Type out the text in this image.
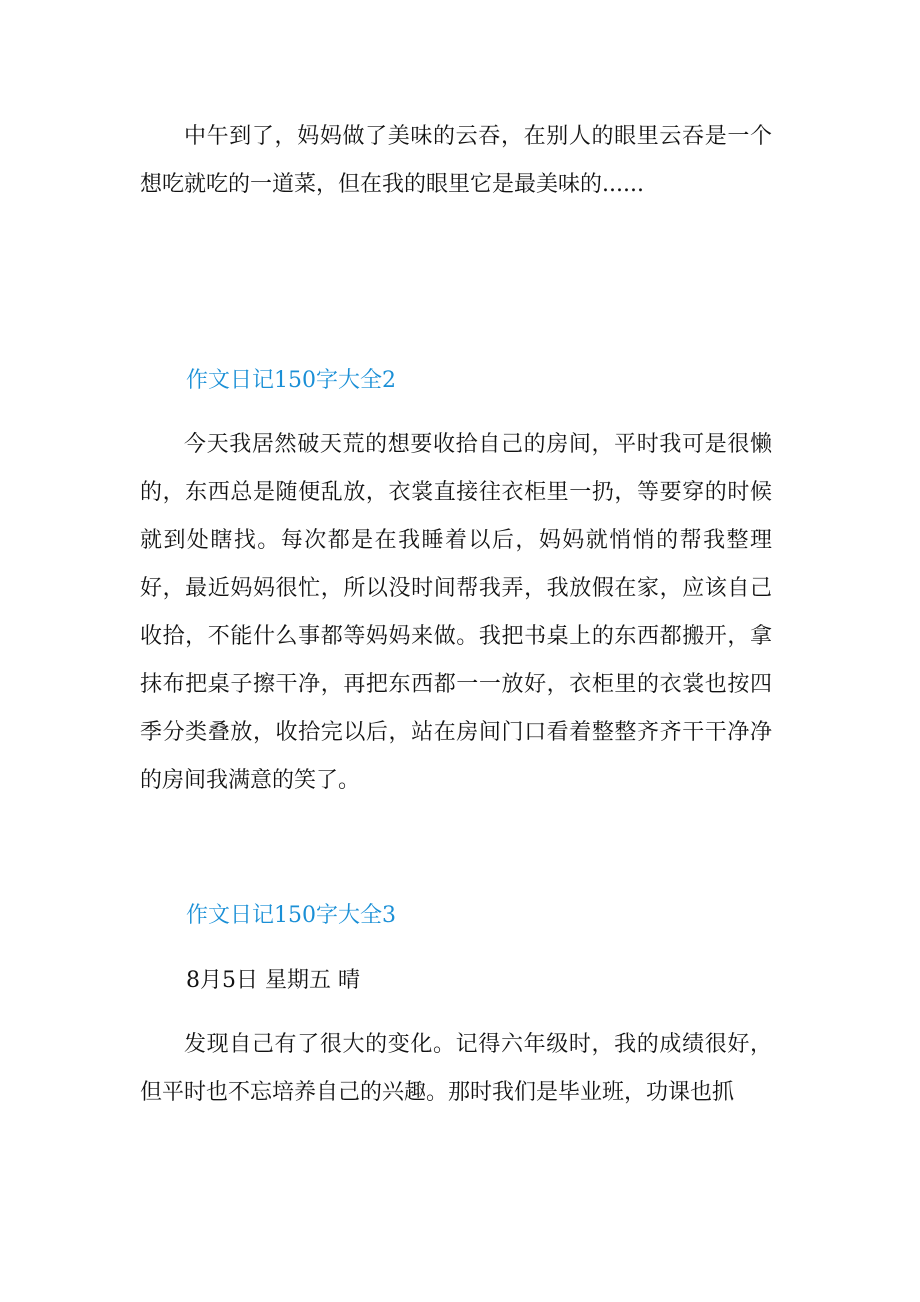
中午到了，妈妈做了美味的云吞，在别人的眼里云吞是一个想吃就吃的一道菜，但在我的眼里它是最美味的......

作文日记150字大全2

今天我居然破天荒的想要收拾自己的房间，平时我可是很懒的，东西总是随便乱放，衣裳直接往衣柜里一扔，等要穿的时候就到处瞎找。每次都是在我睡着以后，妈妈就悄悄的帮我整理好，最近妈妈很忙，所以没时间帮我弄，我放假在家，应该自己收拾，不能什么事都等妈妈来做。我把书桌上的东西都搬开，拿抹布把桌子擦干净，再把东西都一一放好，衣柜里的衣裳也按四季分类叠放，收拾完以后，站在房间门口看着整整齐齐干干净净的房间我满意的笑了。

作文日记150字大全3

8月5日 星期五 晴

发现自己有了很大的变化。记得六年级时，我的成绩很好，但平时也不忘培养自己的兴趣。那时我们是毕业班，功课也抓
